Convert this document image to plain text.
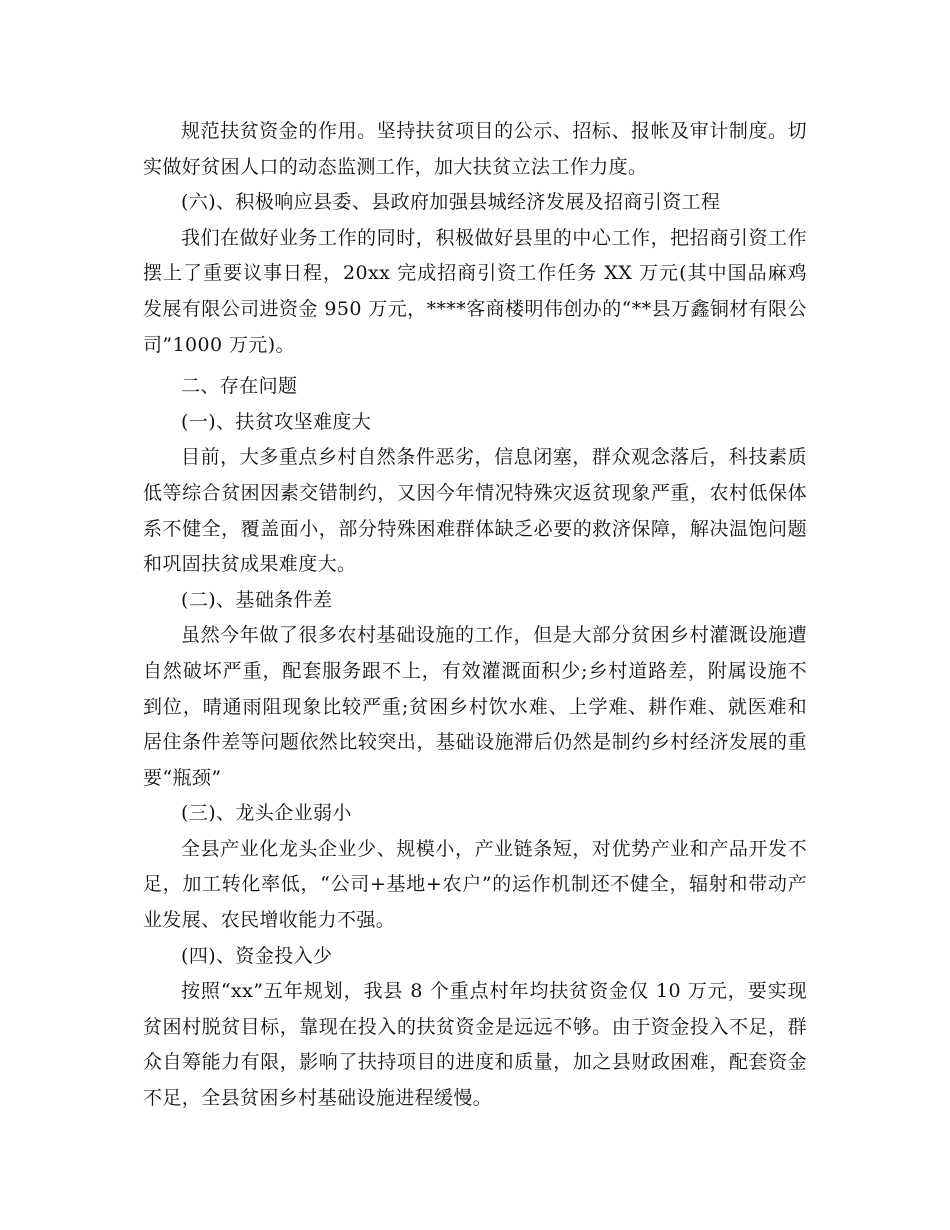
规范扶贫资金的作用。坚持扶贫项目的公示、招标、报帐及审计制度。切实做好贫困人口的动态监测工作，加大扶贫立法工作力度。

(六)、积极响应县委、县政府加强县城经济发展及招商引资工程

我们在做好业务工作的同时，积极做好县里的中心工作，把招商引资工作摆上了重要议事日程，20xx 完成招商引资工作任务 XX 万元(其中国品麻鸡发展有限公司进资金 950 万元，****客商楼明伟创办的“**县万鑫铜材有限公司”1000 万元)。

二、存在问题

(一)、扶贫攻坚难度大

目前，大多重点乡村自然条件恶劣，信息闭塞，群众观念落后，科技素质低等综合贫困因素交错制约，又因今年情况特殊灾返贫现象严重，农村低保体系不健全，覆盖面小，部分特殊困难群体缺乏必要的救济保障，解决温饱问题和巩固扶贫成果难度大。

(二)、基础条件差

虽然今年做了很多农村基础设施的工作，但是大部分贫困乡村灌溉设施遭自然破坏严重，配套服务跟不上，有效灌溉面积少;乡村道路差，附属设施不到位，晴通雨阻现象比较严重;贫困乡村饮水难、上学难、耕作难、就医难和居住条件差等问题依然比较突出，基础设施滞后仍然是制约乡村经济发展的重要“瓶颈”

(三)、龙头企业弱小

全县产业化龙头企业少、规模小，产业链条短，对优势产业和产品开发不足，加工转化率低，“公司+基地+农户”的运作机制还不健全，辐射和带动产业发展、农民增收能力不强。

(四)、资金投入少

按照“xx”五年规划，我县 8 个重点村年均扶贫资金仅 10 万元，要实现贫困村脱贫目标，靠现在投入的扶贫资金是远远不够。由于资金投入不足，群众自筹能力有限，影响了扶持项目的进度和质量，加之县财政困难，配套资金不足，全县贫困乡村基础设施进程缓慢。
